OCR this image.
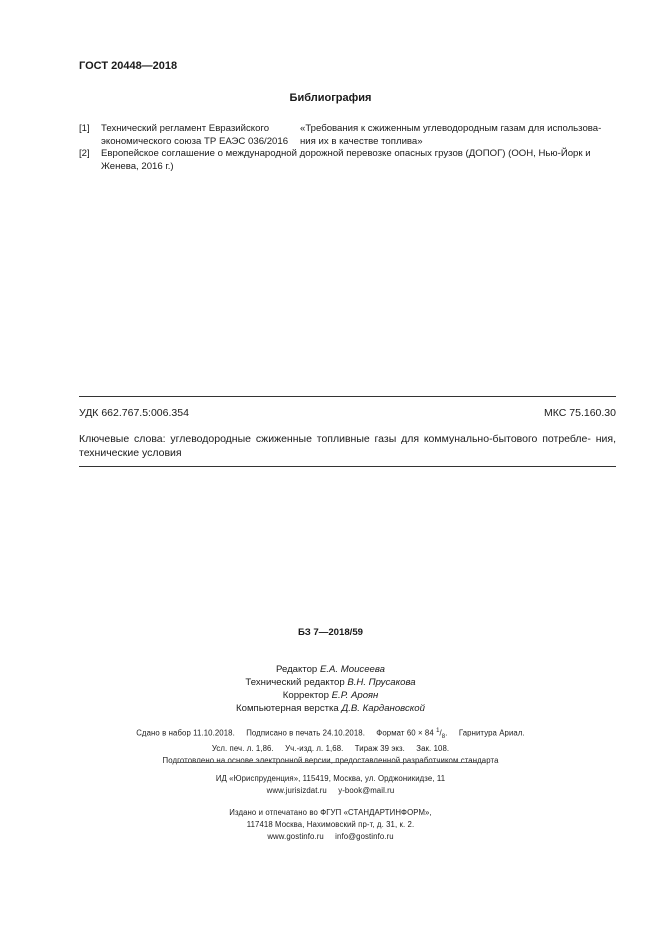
ГОСТ 20448—2018
Библиография
[1] Технический регламент Евразийского
экономического союза ТР ЕАЭС 036/2016
«Требования к сжиженным углеводородным газам для использова-
ния их в качестве топлива»
[2] Европейское соглашение о международной дорожной перевозке опасных грузов (ДОПОГ) (ООН, Нью-Йорк и
Женева, 2016 г.)
УДК 662.767.5:006.354	МКС 75.160.30
Ключевые слова: углеводородные сжиженные топливные газы для коммунально-бытового потребле- ния, технические условия
БЗ 7—2018/59
Редактор Е.А. Моисеева
Технический редактор В.Н. Прусакова
Корректор Е.Р. Ароян
Компьютерная верстка Д.В. Кардановской
Сдано в набор 11.10.2018.     Подписано в печать 24.10.2018.     Формат 60 × 84 $^1/_8$.     Гарнитура Ариал.
Усл. печ. л. 1,86.     Уч.-изд. л. 1,68.     Тираж 39 экз.     Зак. 108.
Подготовлено на основе электронной версии, предоставленной разработчиком стандарта
ИД «Юриспруденция», 115419, Москва, ул. Орджоникидзе, 11
www.jurisizdat.ru     y-book@mail.ru
Издано и отпечатано во ФГУП «СТАНДАРТИНФОРМ»,
117418 Москва, Нахимовский пр-т, д. 31, к. 2.
www.gostinfo.ru     info@gostinfo.ru
